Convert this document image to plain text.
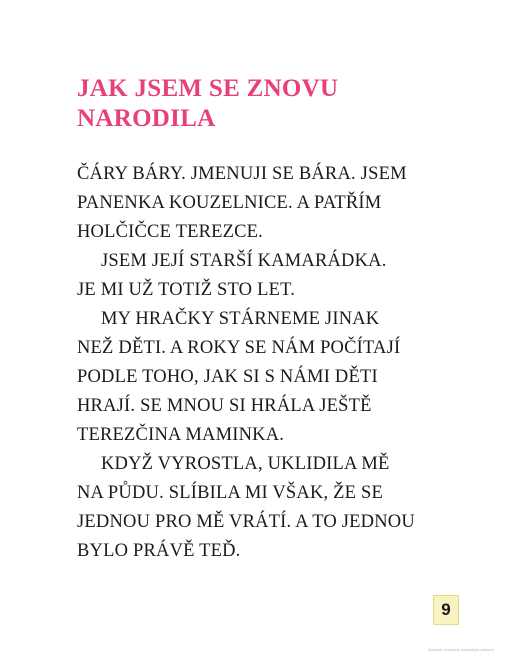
JAK JSEM SE ZNOVU
NARODILA
ČÁRY BÁRY. JMENUJI SE BÁRA. JSEM
PANENKA KOUZELNICE. A PATŘÍM
HOLČIČCE TEREZCE.
JSEM JEJÍ STARŠÍ KAMARÁDKA.
JE MI UŽ TOTIŽ STO LET.
MY HRAČKY STÁRNEME JINAK
NEŽ DĚTI. A ROKY SE NÁM POČÍTAJÍ
PODLE TOHO, JAK SI S NÁMI DĚTI
HRAJÍ. SE MNOU SI HRÁLA JEŠTĚ
TEREZČINA MAMINKA.
KDYŽ VYROSTLA, UKLIDILA MĚ
NA PŮDU. SLÍBILA MI VŠAK, ŽE SE
JEDNOU PRO MĚ VRÁTÍ. A TO JEDNOU
BYLO PRÁVĚ TEĎ.
9
Materiál chráněný autorským právem
